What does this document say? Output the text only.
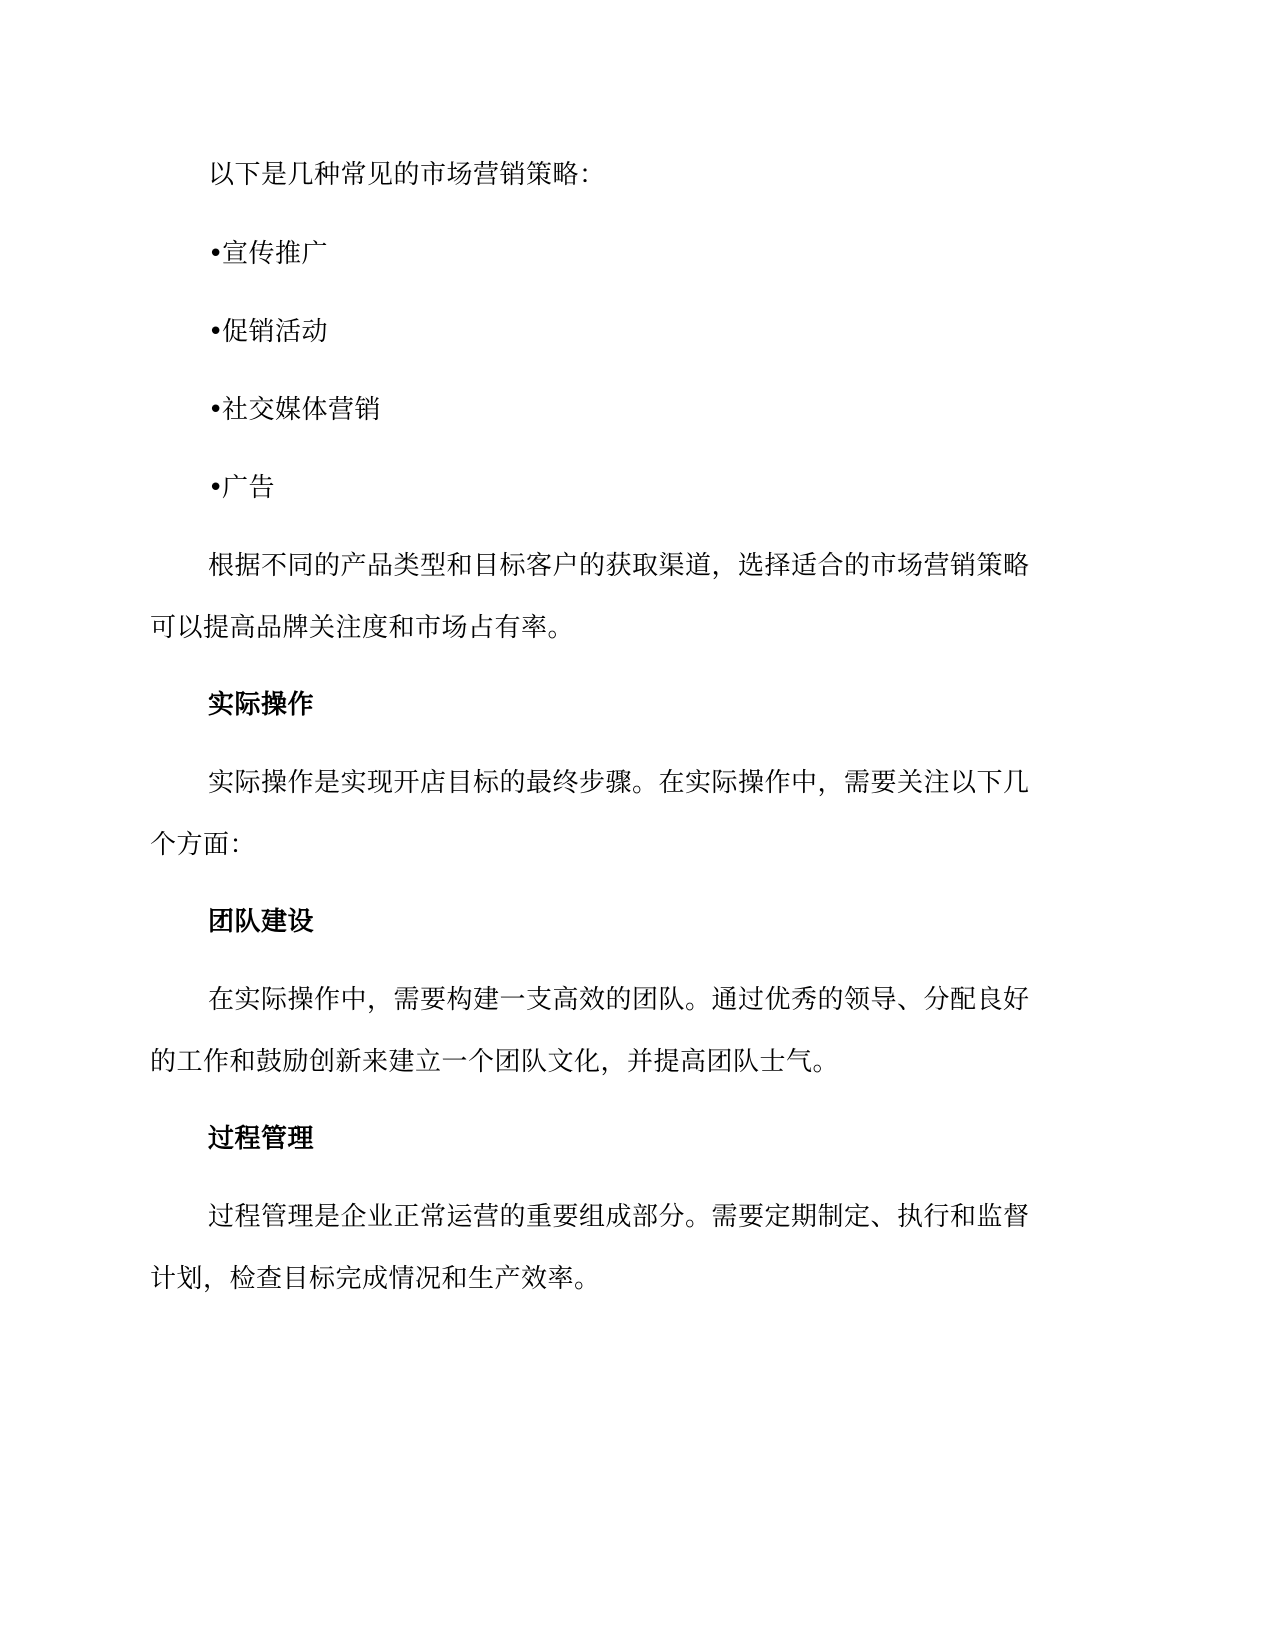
以下是几种常见的市场营销策略：
•宣传推广
•促销活动
•社交媒体营销
•广告
根据不同的产品类型和目标客户的获取渠道，选择适合的市场营销策略
可以提高品牌关注度和市场占有率。
实际操作
实际操作是实现开店目标的最终步骤。在实际操作中，需要关注以下几
个方面：
团队建设
在实际操作中，需要构建一支高效的团队。通过优秀的领导、分配良好
的工作和鼓励创新来建立一个团队文化，并提高团队士气。
过程管理
过程管理是企业正常运营的重要组成部分。需要定期制定、执行和监督
计划，检查目标完成情况和生产效率。
